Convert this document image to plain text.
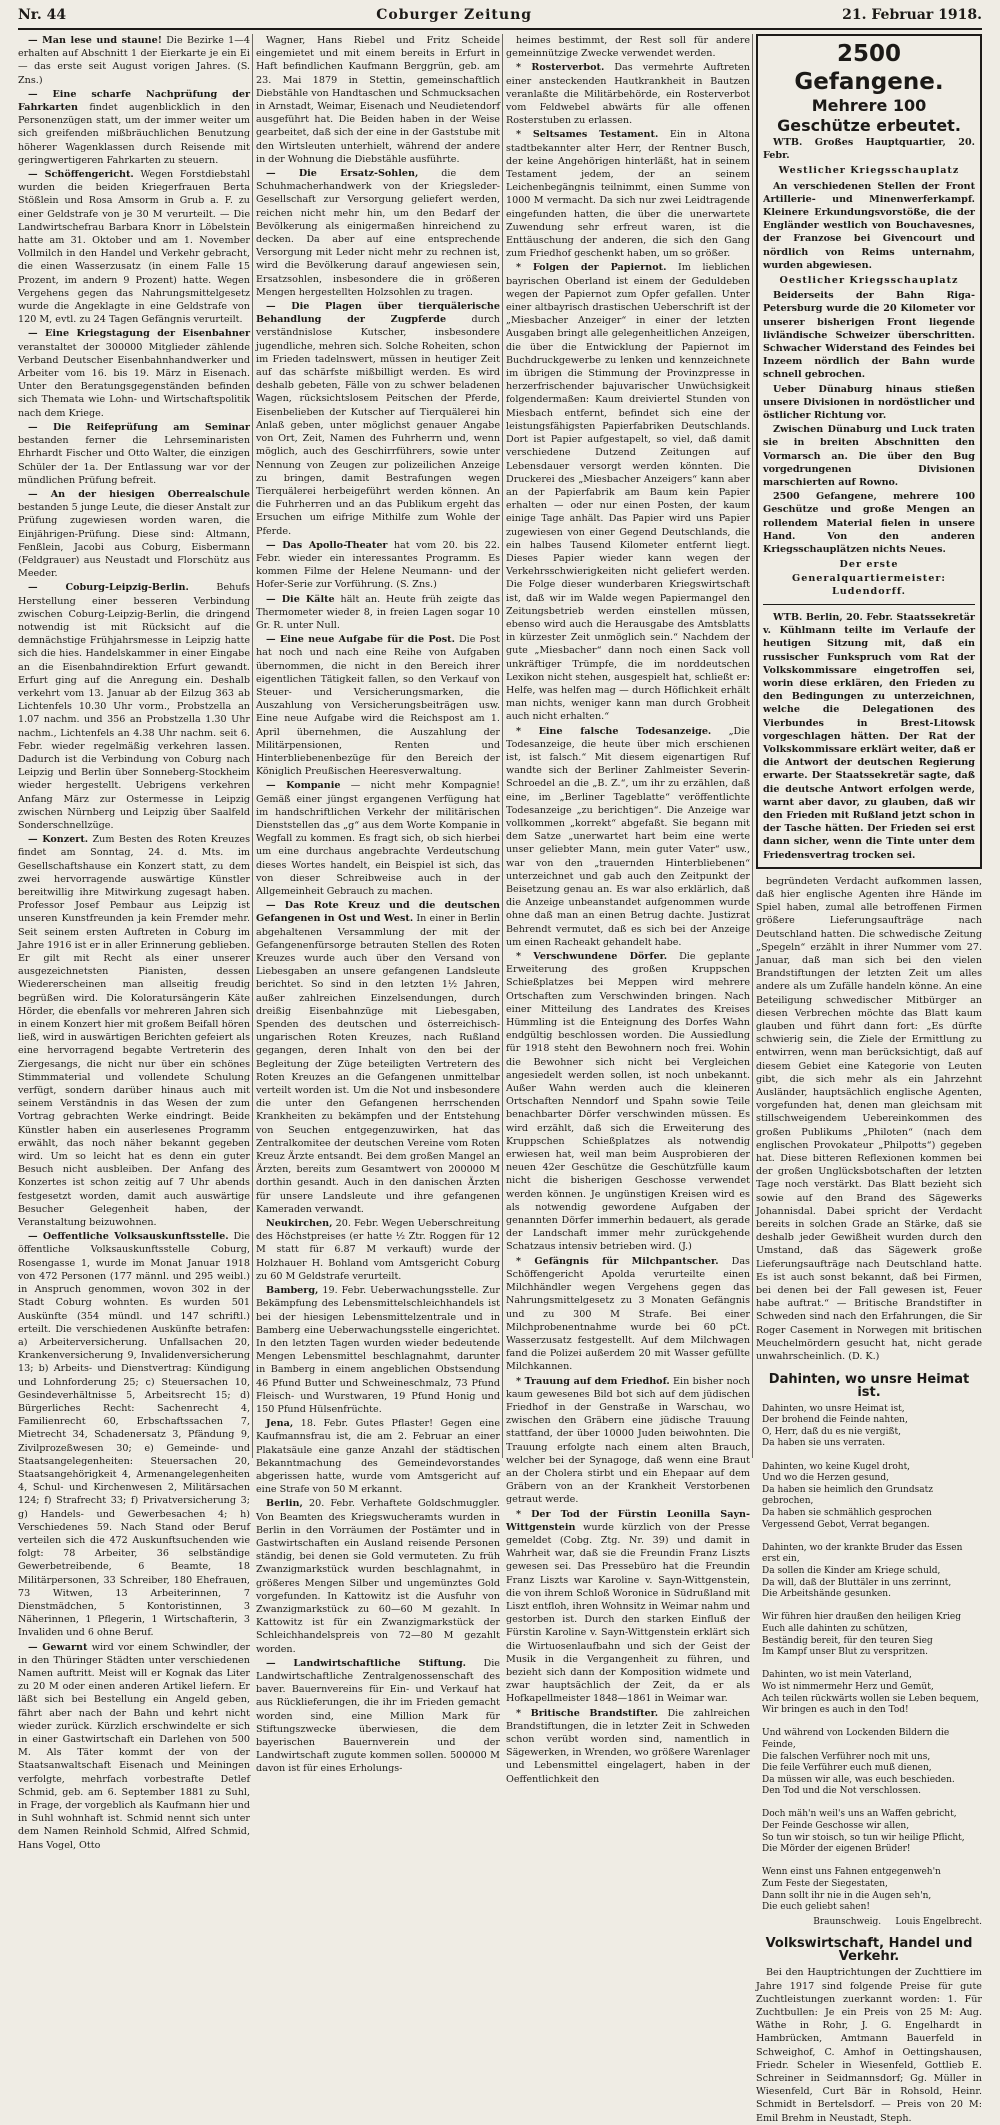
Nr. 44	Coburger Zeitung	21. Februar 1918.

— Man lese und staune! Die Bezirke 1—4 erhalten auf Abschnitt 1 der Eierkarte je ein Ei — das erste seit August vorigen Jahres. (S. Zns.)

— Eine scharfe Nachprüfung der Fahrkarten findet augenblicklich in den Personenzügen statt, um der immer weiter um sich greifenden mißbräuchlichen Benutzung höherer Wagenklassen durch Reisende mit geringwertigeren Fahrkarten zu steuern.

— Schöffengericht. Wegen Forstdiebstahl wurden die beiden Kriegerfrauen Berta Stößlein und Rosa Amsorm in Grub a. F. zu einer Geldstrafe von je 30 M verurteilt. — Die Landwirtschefrau Barbara Knorr in Löbelstein hatte am 31. Oktober und am 1. November Vollmilch in den Handel und Verkehr gebracht, die einen Wasserzusatz (in einem Falle 15 Prozent, im andern 9 Prozent) hatte. Wegen Vergehens gegen das Nahrungsmittelgesetz wurde die Angeklagte in eine Geldstrafe von 120 M, evtl. zu 24 Tagen Gefängnis verurteilt.

— Eine Kriegstagung der Eisenbahner veranstaltet der 300000 Mitglieder zählende Verband Deutscher Eisenbahnhandwerker und Arbeiter vom 16. bis 19. März in Eisenach. Unter den Beratungsgegenständen befinden sich Themata wie Lohn- und Wirtschaftspolitik nach dem Kriege.

— Die Reifeprüfung am Seminar bestanden ferner die Lehrseminaristen Ehrhardt Fischer und Otto Walter, die einzigen Schüler der 1a. Der Entlassung war vor der mündlichen Prüfung befreit.

— An der hiesigen Oberrealschule bestanden 5 junge Leute, die dieser Anstalt zur Prüfung zugewiesen worden waren, die Einjährigen-Prüfung. Diese sind: Altmann, Fenßlein, Jacobi aus Coburg, Eisbermann (Feldgrauer) aus Neustadt und Florschütz aus Meeder.

— Coburg-Leipzig-Berlin.	Behufs Herstellung einer besseren Verbindung zwischen Coburg-Leipzig-Berlin, die dringend notwendig ist mit Rücksicht auf die demnächstige Frühjahrsmesse in Leipzig hatte sich die hies. Handelskammer in einer Eingabe an die Eisenbahndirektion Erfurt gewandt. Erfurt ging auf die Anregung ein. Deshalb verkehrt vom 13. Januar ab der Eilzug 363 ab Lichtenfels 10.30 Uhr vorm., Probstzella an 1.07 nachm. und 356 an Probstzella 1.30 Uhr nachm., Lichtenfels an 4.38 Uhr nachm. seit 6. Febr. wieder regelmäßig verkehren lassen. Dadurch ist die Verbindung von Coburg nach Leipzig und Berlin über Sonneberg-Stockheim wieder hergestellt. Uebrigens verkehren Anfang März zur Ostermesse in Leipzig zwischen Nürnberg und Leipzig über Saalfeld Sonderschnellzüge.

— Konzert. Zum Besten des Roten Kreuzes findet am Sonntag, 24. d. Mts. im Gesellschaftshause ein Konzert statt, zu dem zwei hervorragende auswärtige Künstler bereitwillig ihre Mitwirkung zugesagt haben. Professor Josef Pembaur aus Leipzig ist unseren Kunstfreunden ja kein Fremder mehr. Seit seinem ersten Auftreten in Coburg im Jahre 1916 ist er in aller Erinnerung geblieben. Er gilt mit Recht als einer unserer ausgezeichnetsten Pianisten, dessen Wiedererscheinen man allseitig freudig begrüßen wird. Die Koloratursängerin Käte Hörder, die ebenfalls vor mehreren Jahren sich in einem Konzert hier mit großem Beifall hören ließ, wird in auswärtigen Berichten gefeiert als eine hervorragend begabte Vertreterin des Ziergesangs, die nicht nur über ein schönes Stimmmaterial und vollendete Schulung verfügt, sondern darüber hinaus auch mit seinem Verständnis in das Wesen der zum Vortrag gebrachten Werke eindringt. Beide Künstler haben ein auserlesenes Programm erwählt, das noch näher bekannt gegeben wird. Um so leicht hat es denn ein guter Besuch nicht ausbleiben. Der Anfang des Konzertes ist schon zeitig auf 7 Uhr abends festgesetzt worden, damit auch auswärtige Besucher Gelegenheit haben, der Veranstaltung beizuwohnen.

— Oeffentliche Volksauskunftsstelle. Die öffentliche Volksauskunftsstelle Coburg, Rosengasse 1, wurde im Monat Januar 1918 von 472 Personen (177 männl. und 295 weibl.) in Anspruch genommen, wovon 302 in der Stadt Coburg wohnten. Es wurden 501 Auskünfte (354 mündl. und 147 schriftl.) erteilt. Die verschiedenen Auskünfte betrafen: a) Arbeiterversicherung. Unfallsachen 20, Krankenversicherung 9, Invalidenversicherung 13; b) Arbeits- und Dienstvertrag: Kündigung und Lohnforderung 25; c) Steuersachen 10, Gesindeverhältnisse 5, Arbeitsrecht 15; d) Bürgerliches Recht: Sachenrecht 4, Familienrecht 60, Erbschaftssachen 7, Mietrecht 34, Schadenersatz 3, Pfändung 9, Zivilprozeßwesen 30; e) Gemeinde- und Staatsangelegenheiten: Steuersachen 20, Staatsangehörigkeit 4, Armenangelegenheiten 4, Schul- und Kirchenwesen 2, Militärsachen 124; f) Strafrecht 33; f) Privatversicherung 3; g) Handels- und Gewerbesachen 4; h) Verschiedenes 59. Nach Stand oder Beruf verteilen sich die 472 Auskunftsuchenden wie folgt: 78 Arbeiter, 36 selbständige Gewerbetreibende, 6 Beamte, 18 Militärpersonen, 33 Schreiber, 180 Ehefrauen, 73 Witwen, 13 Arbeiterinnen, 7 Dienstmädchen, 5 Kontoristinnen, 3 Näherinnen, 1 Pflegerin, 1 Wirtschafterin, 3 Invaliden und 6 ohne Beruf.

— Gewarnt wird vor einem Schwindler, der in den Thüringer Städten unter verschiedenen Namen auftritt. Meist will er Kognak das Liter zu 20 M oder einen anderen Artikel liefern. Er läßt sich bei Bestellung ein Angeld geben, fährt aber nach der Bahn und kehrt nicht wieder zurück. Kürzlich erschwindelte er sich in einer Gastwirtschaft ein Darlehen von 500 M. Als Täter kommt der von der Staatsanwaltschaft Eisenach und Meiningen verfolgte, mehrfach vorbestrafte Detlef Schmid, geb. am 6. September 1881 zu Suhl, in Frage, der vorgeblich als Kaufmann hier und in Suhl wohnhaft ist. Schmid nennt sich unter dem Namen Reinhold Schmid, Alfred Schmid, Hans Vogel, Otto

Wagner, Hans Riebel und Fritz Scheide eingemietet und mit einem bereits in Erfurt in Haft befindlichen Kaufmann Berggrün, geb. am 23. Mai 1879 in Stettin, gemeinschaftlich Diebstähle von Handtaschen und Schmucksachen in Arnstadt, Weimar, Eisenach und Neudietendorf ausgeführt hat. Die Beiden haben in der Weise gearbeitet, daß sich der eine in der Gaststube mit den Wirtsleuten unterhielt, während der andere in der Wohnung die Diebstähle ausführte.

— Die Ersatz-Sohlen, die dem Schuhmacherhandwerk von der Kriegsleder-Gesellschaft zur Versorgung geliefert werden, reichen nicht mehr hin, um den Bedarf der Bevölkerung als einigermaßen hinreichend zu decken. Da aber auf eine entsprechende Versorgung mit Leder nicht mehr zu rechnen ist, wird die Bevölkerung darauf angewiesen sein, Ersatzsohlen, insbesondere die in größeren Mengen hergestellten Holzsohlen zu tragen.

— Die Plagen über tierquälerische Behandlung der Zugpferde	durch verständnislose Kutscher, insbesondere jugendliche, mehren sich. Solche Roheiten, schon im Frieden tadelnswert, müssen in heutiger Zeit auf das schärfste mißbilligt werden. Es wird deshalb gebeten, Fälle von zu schwer beladenen Wagen, rücksichtslosem Peitschen der Pferde, Eisenbelieben der Kutscher auf Tierquälerei hin Anlaß geben, unter möglichst genauer Angabe von Ort, Zeit, Namen des Fuhrherrn und, wenn möglich, auch des Geschirrführers, sowie unter Nennung von Zeugen zur polizeilichen Anzeige zu bringen, damit Bestrafungen wegen Tierquälerei herbeigeführt werden können. An die Fuhrherren und an das Publikum ergeht das Ersuchen um eifrige Mithilfe zum Wohle der Pferde.

— Das Apollo-Theater hat vom 20. bis 22. Febr. wieder ein interessantes Programm. Es kommen Filme der Helene Neumann- und der Hofer-Serie zur Vorführung. (S. Zns.)

— Die Kälte hält an. Heute früh zeigte das Thermometer wieder 8, in freien Lagen sogar 10 Gr. R. unter Null.

— Eine neue Aufgabe für die Post. Die Post hat noch und nach eine Reihe von Aufgaben übernommen, die nicht in den Bereich ihrer eigentlichen Tätigkeit fallen, so den Verkauf von Steuer- und Versicherungsmarken, die Auszahlung von Versicherungsbeiträgen usw. Eine neue Aufgabe wird die Reichspost am 1. April übernehmen, die Auszahlung der Militärpensionen, Renten und Hinterbliebenenbezüge für den Bereich der Königlich Preußischen Heeresverwaltung.

— Kompanie — nicht mehr Kompagnie! Gemäß einer jüngst ergangenen Verfügung hat im handschriftlichen Verkehr der militärischen Dienststellen das „g“ aus dem Worte Kompanie in Wegfall zu kommen. Es fragt sich, ob sich hierbei um eine durchaus angebrachte Verdeutschung dieses Wortes handelt, ein Beispiel ist sich, das von dieser Schreibweise auch in der Allgemeinheit Gebrauch zu machen.

— Das Rote Kreuz und die deutschen Gefangenen in Ost und West. In einer in Berlin abgehaltenen Versammlung der mit der Gefangenenfürsorge betrauten Stellen des Roten Kreuzes wurde auch über den Versand von Liebesgaben an unsere gefangenen Landsleute berichtet. So sind in den letzten 1½ Jahren, außer zahlreichen Einzelsendungen, durch dreißig Eisenbahnzüge mit Liebesgaben, Spenden des deutschen und österreichisch-ungarischen Roten Kreuzes, nach Rußland gegangen, deren Inhalt von den bei der Begleitung der Züge beteiligten Vertretern des Roten Kreuzes an die Gefangenen unmittelbar verteilt worden ist. Um die Not und insbesondere die unter den Gefangenen herrschenden Krankheiten zu bekämpfen und der Entstehung von Seuchen entgegenzuwirken, hat das Zentralkomitee der deutschen Vereine vom Roten Kreuz Ärzte entsandt. Bei dem großen Mangel an Ärzten, bereits zum Gesamtwert von 200000 M dorthin gesandt. Auch in den danischen Ärzten für unsere Landsleute und ihre gefangenen Kameraden verwandt.

Neukirchen, 20. Febr. Wegen Ueberschreitung des Höchstpreises (er hatte ½ Ztr. Roggen für 12 M statt für 6.87 M verkauft) wurde der Holzhauer H. Bohland vom Amtsgericht Coburg zu 60 M Geldstrafe verurteilt.

Bamberg, 19. Febr. Ueberwachungsstelle. Zur Bekämpfung des Lebensmittelschleichhandels ist bei der hiesigen Lebensmittelzentrale und in Bamberg eine Ueberwachungsstelle eingerichtet. In den letzten Tagen wurden wieder bedeutende Mengen Lebensmittel beschlagnahmt, darunter in Bamberg in einem angeblichen Obstsendung 46 Pfund Butter und Schweineschmalz, 73 Pfund Fleisch- und Wurstwaren, 19 Pfund Honig und 150 Pfund Hülsenfrüchte.

Jena, 18. Febr. Gutes Pflaster! Gegen eine Kaufmannsfrau ist, die am 2. Februar an einer Plakatsäule eine ganze Anzahl der städtischen Bekanntmachung des Gemeindevorstandes abgerissen hatte, wurde vom Amtsgericht auf eine Strafe von 50 M erkannt.

Berlin, 20. Febr. Verhaftete Goldschmuggler. Von Beamten des Kriegswucheramts wurden in Berlin in den Vorräumen der Postämter und in Gastwirtschaften ein Ausland reisende Personen ständig, bei denen sie Gold vermuteten. Zu früh Zwanzigmarkstück wurden beschlagnahmt, in größeres Mengen Silber und ungemünztes Gold vorgefunden. In Kattowitz ist die Ausfuhr von Zwanzigmarkstück zu 60—60 M gezahlt. In Kattowitz ist für ein Zwanzigmarkstück der Schleichhandelspreis von 72—80 M gezahlt worden.

— Landwirtschaftliche Stiftung. Die Landwirtschaftliche Zentralgenossenschaft des baver. Bauernvereins für Ein- und Verkauf hat aus Rücklieferungen, die ihr im Frieden gemacht worden sind, eine Million Mark für Stiftungszwecke überwiesen, die dem bayerischen Bauernverein und der Landwirtschaft zugute kommen sollen. 500000 M davon ist für eines Erholungs-

heimes bestimmt, der Rest soll für andere gemeinnützige Zwecke verwendet werden.

* Rosterverbot. Das vermehrte Auftreten einer ansteckenden Hautkrankheit in Bautzen veranlaßte die Militärbehörde, ein Rosterverbot vom Feldwebel abwärts für alle offenen Rosterstuben zu erlassen.

* Seltsames Testament. Ein in Altona stadtbekannter alter Herr, der Rentner Busch, der keine Angehörigen hinterläßt, hat in seinem Testament jedem, der an seinem Leichenbegängnis teilnimmt, einen Summe von 1000 M vermacht. Da sich nur zwei Leidtragende eingefunden hatten, die über die unerwartete Zuwendung sehr erfreut waren, ist die Enttäuschung der anderen, die sich den Gang zum Friedhof geschenkt haben, um so größer.

* Folgen der Papiernot. Im lieblichen bayrischen Oberland ist einem der Geduldeben wegen der Papiernot zum Opfer gefallen. Unter einer altbayrisch drastischen Ueberschrift ist der „Miesbacher Anzeiger“ in einer der letzten Ausgaben bringt alle gelegenheitlichen Anzeigen, die über die Entwicklung der Papiernot im Buchdruckgewerbe zu lenken und kennzeichnete im übrigen die Stimmung der Provinzpresse in herzerfrischender bajuvarischer Unwüchsigkeit folgendermaßen: Kaum dreiviertel Stunden von Miesbach entfernt, befindet sich eine der leistungsfähigsten Papierfabriken Deutschlands. Dort ist Papier aufgestapelt, so viel, daß damit verschiedene Dutzend Zeitungen auf Lebensdauer versorgt werden könnten. Die Druckerei des „Miesbacher Anzeigers“ kann aber an der Papierfabrik am Baum kein Papier erhalten — oder nur einen Posten, der kaum einige Tage anhält. Das Papier wird uns Papier zugewiesen von einer Gegend Deutschlands, die ein halbes Tausend Kilometer entfernt liegt. Dieses Papier wieder kann wegen der Verkehrsschwierigkeiten nicht geliefert werden. Die Folge dieser wunderbaren Kriegswirtschaft ist, daß wir im Walde wegen Papiermangel den Zeitungsbetrieb werden einstellen müssen, ebenso wird auch die Herausgabe des Amtsblatts in kürzester Zeit unmöglich sein.“ Nachdem der gute „Miesbacher“ dann noch einen Sack voll unkräftiger Trümpfe, die im norddeutschen Lexikon nicht stehen, ausgespielt hat, schließt er: Helfe, was helfen mag — durch Höflichkeit erhält man nichts, weniger kann man durch Grobheit auch nicht erhalten.“

* Eine falsche Todesanzeige. „Die Todesanzeige, die heute über mich erschienen ist, ist falsch.“ Mit diesem eigenartigen Ruf wandte sich der Berliner Zahlmeister Severin-Schroedel an die „B. Z.“, um ihr zu erzählen, daß eine, im „Berliner Tageblatte“ veröffentlichte Todesanzeige „zu berichtigen“. Die Anzeige war vollkommen „korrekt“ abgefaßt. Sie begann mit dem Satze „unerwartet hart beim eine werte unser geliebter Mann, mein guter Vater“ usw., war von den „trauernden Hinterbliebenen“ unterzeichnet und gab auch den Zeitpunkt der Beisetzung genau an. Es war also erklärlich, daß die Anzeige unbeanstandet aufgenommen wurde ohne daß man an einen Betrug dachte. Justizrat Behrendt vermutet, daß es sich bei der Anzeige um einen Racheakt gehandelt habe.

* Verschwundene Dörfer. Die geplante Erweiterung des großen Kruppschen Schießplatzes bei Meppen wird mehrere Ortschaften zum Verschwinden bringen. Nach einer Mitteilung des Landrates des Kreises Hümmling ist die Enteignung des Dorfes Wahn endgültig beschlossen worden. Die Aussiedlung für 1918 steht den Bewohnern noch frei. Wohin die Bewohner sich nicht bei Vergleichen angesiedelt werden sollen, ist noch unbekannt. Außer Wahn werden auch die kleineren Ortschaften Nenndorf und Spahn sowie Teile benachbarter Dörfer verschwinden müssen. Es wird erzählt, daß sich die Erweiterung des Kruppschen Schießplatzes als notwendig erwiesen hat, weil man beim Ausprobieren der neuen 42er Geschütze die Geschützfülle kaum nicht die bisherigen Geschosse verwendet werden können. Je ungünstigen Kreisen wird es als notwendig gewordene Aufgaben der genannten Dörfer immerhin bedauert, als gerade der Landschaft immer mehr zurückgehende Schatzaus intensiv betrieben wird. (J.)

* Gefängnis für Milchpantscher. Das Schöffengericht Apolda verurteilte einen Milchhändler wegen Vergehens gegen das Nahrungsmittelgesetz zu 3 Monaten Gefängnis und zu 300 M Strafe. Bei einer Milchprobenentnahme wurde bei 60 pCt. Wasserzusatz festgestellt. Auf dem Milchwagen fand die Polizei außerdem 20 mit Wasser gefüllte Milchkannen.

* Trauung auf dem Friedhof. Ein bisher noch kaum gewesenes Bild bot sich auf dem jüdischen Friedhof in der Genstraße in Warschau, wo zwischen den Gräbern eine jüdische Trauung stattfand, der über 10000 Juden beiwohnten. Die Trauung erfolgte nach einem alten Brauch, welcher bei der Synagoge, daß wenn eine Braut an der Cholera stirbt und ein Ehepaar auf dem Gräbern von an der Krankheit Verstorbenen getraut werde.

* Der Tod der Fürstin Leonilla Sayn-Wittgenstein wurde kürzlich von der Presse gemeldet (Cobg. Ztg. Nr. 39) und damit in Wahrheit war, daß sie die Freundin Franz Liszts gewesen sei. Das Pressebüro hat die Freundin Franz Liszts war Karoline v. Sayn-Wittgenstein, die von ihrem Schloß Woronice in Südrußland mit Liszt entfloh, ihren Wohnsitz in Weimar nahm und gestorben ist. Durch den starken Einfluß der Fürstin Karoline v. Sayn-Wittgenstein erklärt sich die Wirtuosenlaufbahn und sich der Geist der Musik in die Vergangenheit zu führen, und bezieht sich dann der Komposition widmete und zwar hauptsächlich der Zeit, da er als Hofkapellmeister 1848—1861 in Weimar war.

* Britische Brandstifter. Die zahlreichen Brandstiftungen, die in letzter Zeit in Schweden schon verübt worden sind, namentlich in Sägewerken, in Wrenden, wo größere Warenlager und Lebensmittel eingelagert, haben in der Oeffentlichkeit den

2500 Gefangene.
Mehrere 100 Geschütze erbeutet.
WTB. Großes Hauptquartier, 20. Febr.
Westlicher Kriegsschauplatz
An verschiedenen Stellen der Front Artillerie- und Minenwerferkampf. Kleinere Erkundungsvorstöße, die der Engländer westlich von Bouchavesnes, der Franzose bei Givencourt und nördlich von Reims unternahm, wurden abgewiesen.
Oestlicher Kriegsschauplatz
Beiderseits der Bahn Riga-Petersburg wurde die 20 Kilometer vor unserer bisherigen Front liegende livländische Schweizer überschritten. Schwacher Widerstand des Feindes bei Inzeem nördlich der Bahn wurde schnell gebrochen.
Ueber Dünaburg hinaus stießen unsere Divisionen in nordöstlicher und östlicher Richtung vor.
Zwischen Dünaburg und Luck traten sie in breiten Abschnitten den Vormarsch an. Die über den Bug vorgedrungenen Divisionen marschierten auf Rowno.
2500 Gefangene, mehrere 100 Geschütze und große Mengen an rollendem Material fielen in unsere Hand. Von den anderen Kriegsschauplätzen nichts Neues.
Der erste Generalquartiermeister: Ludendorff.
WTB. Berlin, 20. Febr. Staatssekretär v. Kühlmann teilte im Verlaufe der heutigen Sitzung mit, daß ein russischer Funkspruch vom Rat der Volkskommissare eingetroffen sei, worin diese erklären, den Frieden zu den Bedingungen zu unterzeichnen, welche die Delegationen des Vierbundes in Brest-Litowsk vorgeschlagen hätten. Der Rat der Volkskommissare erklärt weiter, daß er die Antwort der deutschen Regierung erwarte. Der Staatssekretär sagte, daß die deutsche Antwort erfolgen werde, warnt aber davor, zu glauben, daß wir den Frieden mit Rußland jetzt schon in der Tasche hätten. Der Frieden sei erst dann sicher, wenn die Tinte unter dem Friedensvertrag trocken sei.
begründeten Verdacht aufkommen lassen, daß hier englische Agenten ihre Hände im Spiel haben, zumal alle betroffenen Firmen größere Lieferungsaufträge nach Deutschland hatten. Die schwedische Zeitung „Spegeln“ erzählt in ihrer Nummer vom 27. Januar, daß man sich bei den vielen Brandstiftungen der letzten Zeit um alles andere als um Zufälle handeln könne. An eine Beteiligung schwedischer Mitbürger an diesen Verbrechen möchte das Blatt kaum glauben und führt dann fort: „Es dürfte schwierig sein, die Ziele der Ermittlung zu entwirren, wenn man berücksichtigt, daß auf diesem Gebiet eine Kategorie von Leuten gibt, die sich mehr als ein Jahrzehnt Ausländer, hauptsächlich englische Agenten, vorgefunden hat, denen man gleichsam mit stillschweigendem Uebereinkommen des großen Publikums „Philoten“ (nach dem englischen Provokateur „Philpotts“) gegeben hat. Diese bitteren Reflexionen kommen bei der großen Unglücksbotschaften der letzten Tage noch verstärkt. Das Blatt bezieht sich sowie auf den Brand des Sägewerks Johannisdal. Dabei spricht der Verdacht bereits in solchen Grade an Stärke, daß sie deshalb jeder Gewißheit wurden durch den Umstand, daß das Sägewerk große Lieferungsaufträge nach Deutschland hatte. Es ist auch sonst bekannt, daß bei Firmen, bei denen bei der Fall gewesen ist, Feuer habe auftrat.“ — Britische Brandstifter in Schweden sind nach den Erfahrungen, die Sir Roger Casement in Norwegen mit britischen Meuchelmördern gesucht hat, nicht gerade unwahrscheinlich. (D. K.)
Dahinten, wo unsre Heimat ist.
Dahinten, wo unsre Heimat ist,
Der brohend die Feinde nahten,
O, Herr, daß du es nie vergißt,
Da haben sie uns verraten.

Dahinten, wo keine Kugel droht,
Und wo die Herzen gesund,
Da haben sie heimlich den Grundsatz gebrochen,
Da haben sie schmählich gesprochen
Vergessend Gebot, Verrat begangen.

Dahinten, wo der krankte Bruder das Essen erst ein,
Da sollen die Kinder am Kriege schuld,
Da will, daß der Bluttäler in uns zerrinnt,
Die Arbeitshände gesunken.

Wir führen hier draußen den heiligen Krieg
Euch alle dahinten zu schützen,
Beständig bereit, für den teuren Sieg
Im Kampf unser Blut zu verspritzen.

Dahinten, wo ist mein Vaterland,
Wo ist nimmermehr Herz und Gemüt,
Ach teilen rückwärts wollen sie Leben bequem,
Wir bringen es auch in den Tod!

Und während von Lockenden Bildern die Feinde,
Die falschen Verführer noch mit uns,
Die feile Verführer euch muß dienen,
Da müssen wir alle, was euch beschieden.
Den Tod und die Not verschlossen.

Doch mäh'n weil's uns an Waffen gebricht,
Der Feinde Geschosse wir allen,
So tun wir stoisch, so tun wir heilige Pflicht,
Die Mörder der eigenen Brüder!

Wenn einst uns Fahnen entgegenweh'n
Zum Feste der Siegestaten,
Dann sollt ihr nie in die Augen seh'n,
Die euch geliebt sahen!
Braunschweig. Louis Engelbrecht.
Volkswirtschaft, Handel und Verkehr.
Bei den Hauptrichtungen der Zuchttiere im Jahre 1917 sind folgende Preise für gute Zuchtleistungen zuerkannt worden: 1. Für Zuchtbullen: Je ein Preis von 25 M: Aug. Wäthe in Rohr, J. G. Engelhardt in Hambrücken, Amtmann Bauerfeld in Schweighof, C. Amhof in Oettingshausen, Friedr. Scheler in Wiesenfeld, Gottlieb E. Schreiner in Seidmannsdorf; Gg. Müller in Wiesenfeld, Curt Bär in Rohsold, Heinr. Schmidt in Bertelsdorf. — Preis von 20 M: Emil Brehm in Neustadt, Steph.
